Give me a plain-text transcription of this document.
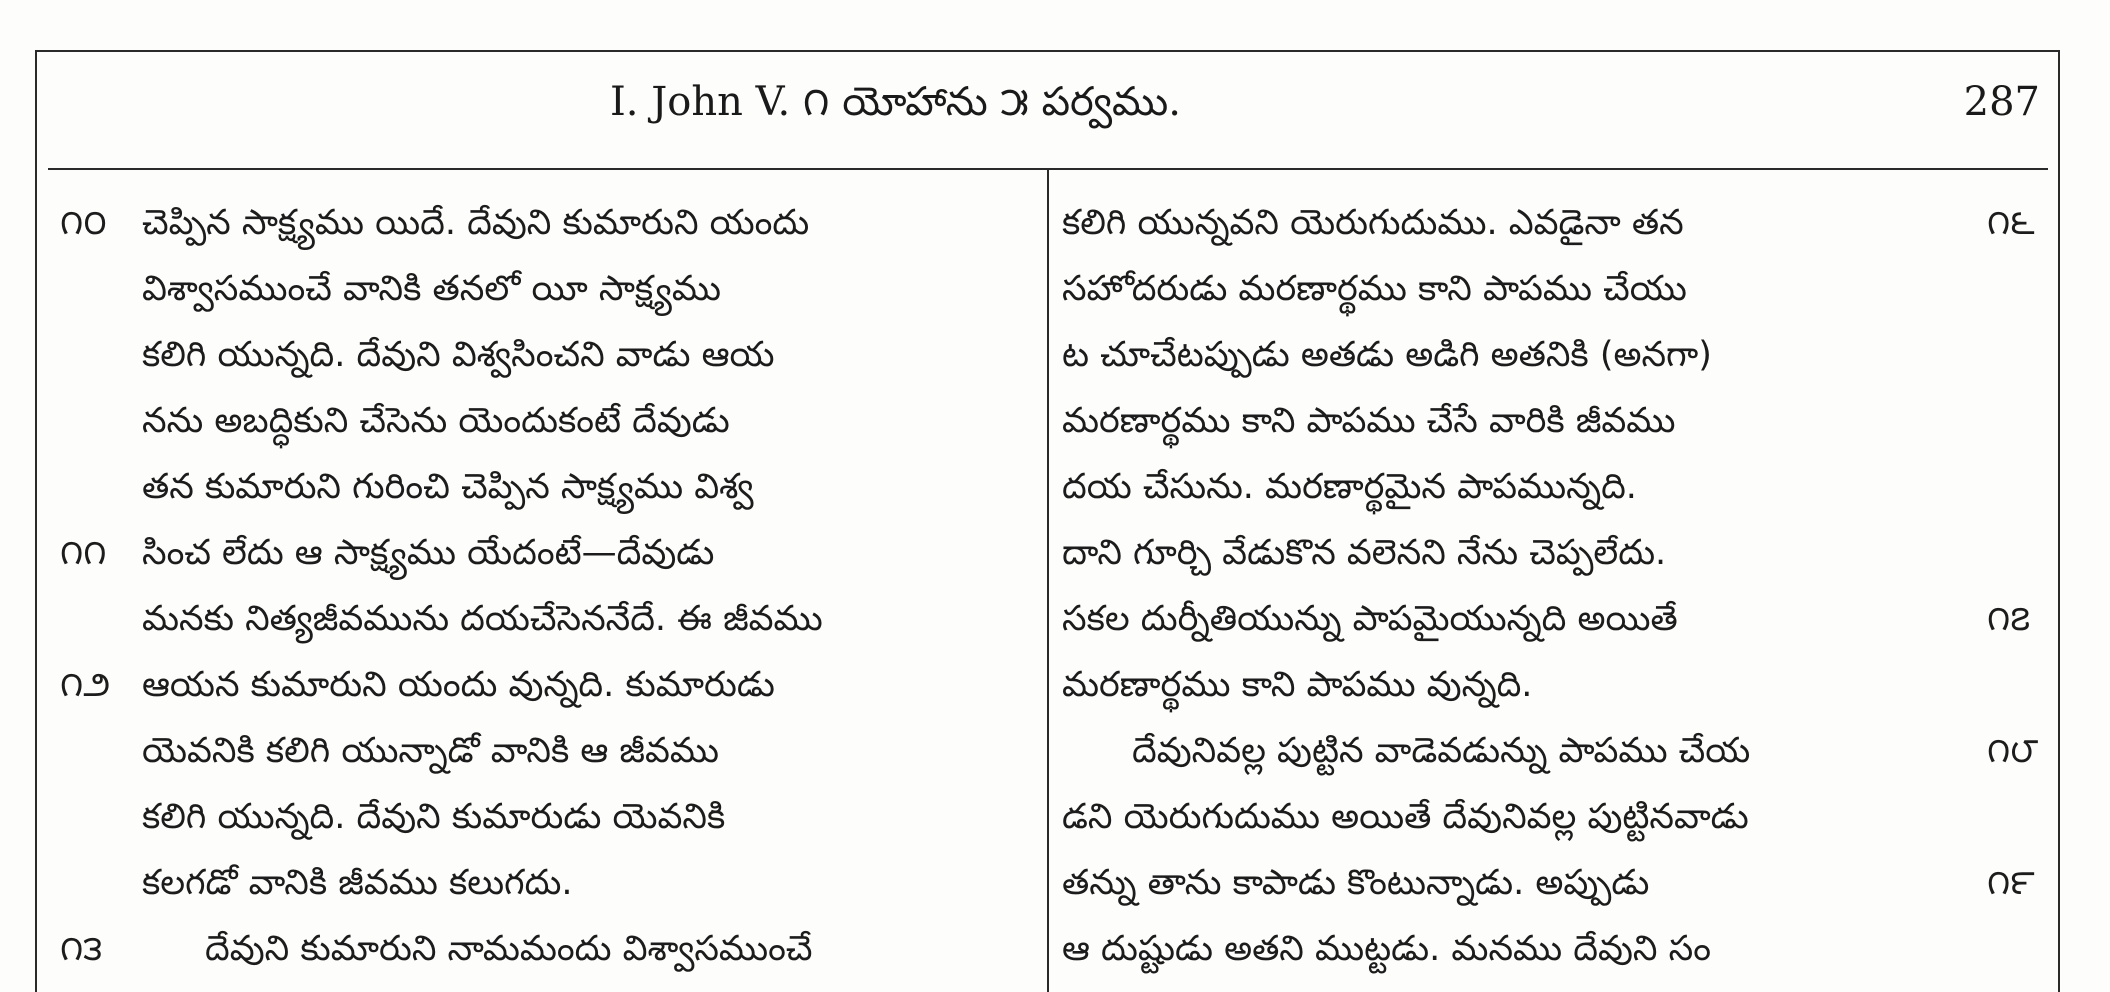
I. John V. ౧ యోహాను ౫ పర్వము.	287
౧౦	చెప్పిన సాక్ష్యము యిదే. దేవుని కుమారుని యందు
విశ్వాసముంచే వానికి తనలో యీ సాక్ష్యము
కలిగి యున్నది. దేవుని విశ్వసించని వాడు ఆయ
నను అబద్ధికుని చేసెను యెందుకంటే దేవుడు
తన కుమారుని గురించి చెప్పిన సాక్ష్యము విశ్వ
౧౧	సించ లేదు ఆ సాక్ష్యము యేదంటే—దేవుడు
మనకు నిత్యజీవమును దయచేసెననేదే. ఈ జీవము
౧౨ ఆయన కుమారుని యందు వున్నది. కుమారుడు
యెవనికి కలిగి యున్నాడో వానికి ఆ జీవము
కలిగి యున్నది. దేవుని కుమారుడు యెవనికి
కలగడో వానికి జీవము కలుగదు.
౧౩	దేవుని కుమారుని నామమందు విశ్వాసముంచే
కలిగి యున్నవని యెరుగుదుము. ఎవడైనా తన	౧౬
సహోదరుడు మరణార్థము కాని పాపము చేయు
ట చూచేటప్పుడు అతడు అడిగి అతనికి (అనగా)
మరణార్థము కాని పాపము చేసే వారికి జీవము
దయ చేసును. మరణార్థమైన పాపమున్నది.
దాని గూర్చి వేడుకొన వలెనని నేను చెప్పలేదు.
సకల దుర్నీతియున్ను పాపమైయున్నది అయితే	౧౭
మరణార్థము కాని పాపము వున్నది.
దేవునివల్ల పుట్టిన వాడెవడున్ను పాపము చేయ	౧౮
డని యెరుగుదుము అయితే దేవునివల్ల పుట్టినవాడు
తన్ను తాను కాపాడు కొంటున్నాడు. అప్పుడు	౧౯
ఆ దుష్టుడు అతని ముట్టడు. మనము దేవుని సం
